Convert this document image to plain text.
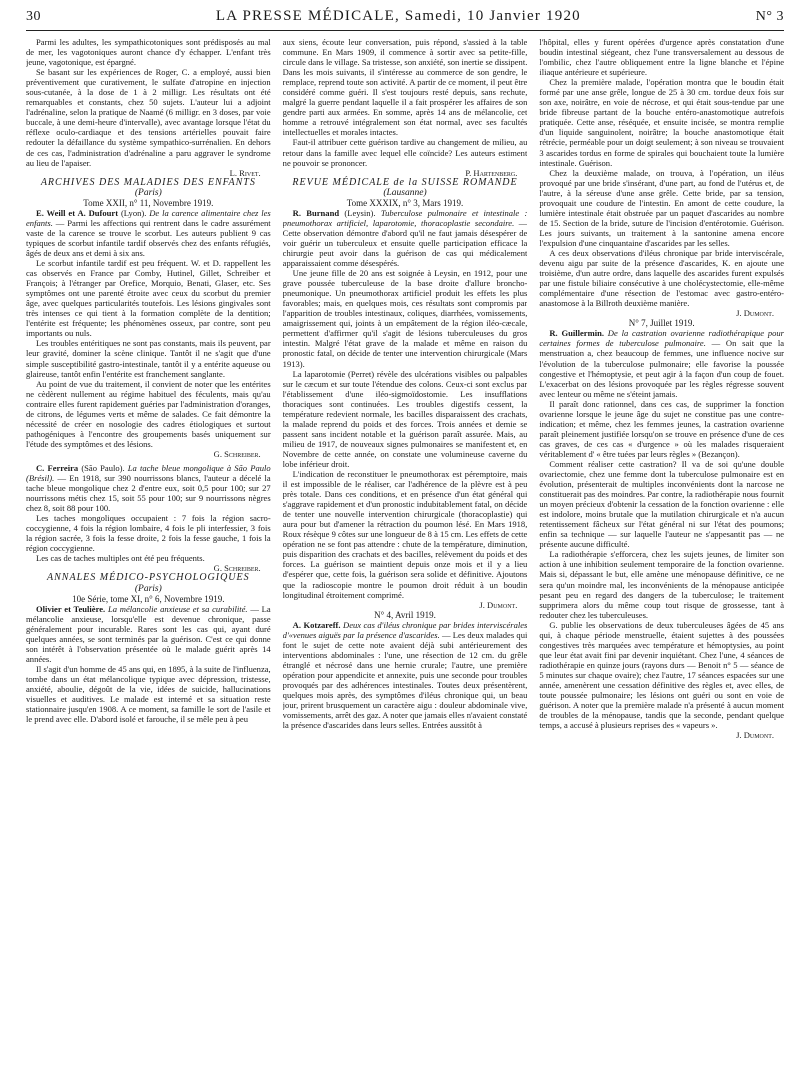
30	LA PRESSE MÉDICALE, Samedi, 10 Janvier 1920	N° 3

Parmi les adultes, les sympathicotoniques sont prédisposés au mal de mer, les vagotoniques auront chance d'y échapper. L'enfant très jeune, vagotonique, est épargné.

Se basant sur les expériences de Roger, C. a employé, aussi bien préventivement que curativement, le sulfate d'atropine en injection sous-cutanée, à la dose de 1 à 2 milligr. Les résultats ont été remarquables et constants, chez 50 sujets. L'auteur lui a adjoint l'adrénaline, selon la pratique de Naamé (6 milligr. en 3 doses, par voie buccale, à une demi-heure d'intervalle), avec avantage lorsque l'état du réflexe oculo-cardiaque et des tensions artérielles pouvait faire redouter la défaillance du système sympathico-surrénalien. En dehors de ces cas, l'administration d'adrénaline a paru aggraver le syndrome au lieu de l'apaiser.

L. Rivet.

ARCHIVES DES MALADIES DES ENFANTS

(Paris)

Tome XXII, n° 11, Novembre 1919.

E. Weill et A. Dufourt (Lyon). De la carence alimentaire chez les enfants. — Parmi les affections qui rentrent dans le cadre assurément vaste de la carence se trouve le scorbut. Les auteurs publient 9 cas typiques de scorbut infantile tardif observés chez des enfants réfugiés, âgés de deux ans et demi à six ans.

Le scorbut infantile tardif est peu fréquent. W. et D. rappellent les cas observés en France par Comby, Hutinel, Gillet, Schreiber et François; à l'étranger par Orefice, Morquio, Benati, Glaser, etc. Ses symptômes ont une parenté étroite avec ceux du scorbut du premier âge, avec quelques particularités toutefois. Les lésions gingivales sont très intenses ce qui tient à la formation complète de la dentition; l'entérite est fréquente; les phénomènes osseux, par contre, sont peu importants ou nuls.

Les troubles entéritiques ne sont pas constants, mais ils peuvent, par leur gravité, dominer la scène clinique. Tantôt il ne s'agit que d'une simple susceptibilité gastro-intestinale, tantôt il y a entérite aqueuse ou glaireuse, tantôt enfin l'entérite est franchement sanglante.

Au point de vue du traitement, il convient de noter que les entérites ne cèdèrent nullement au régime habituel des féculents, mais qu'au contraire elles furent rapidement guéries par l'administration d'oranges, de citrons, de légumes verts et même de salades. Ce fait démontre la nécessité de créer en nosologie des cadres étiologiques et surtout pathogéniques à l'encontre des groupements basés uniquement sur l'étude des symptômes et des lésions.

G. Schreiber.

C. Ferreira (São Paulo). La tache bleue mongolique à São Paulo (Brésil). — En 1918, sur 390 nourrissons blancs, l'auteur a décelé la tache bleue mongolique chez 2 d'entre eux, soit 0,5 pour 100; sur 27 nourrissons métis chez 15, soit 55 pour 100; sur 9 nourrissons nègres chez 8, soit 88 pour 100.

Les taches mongoliques occupaient : 7 fois la région sacro-coccygienne, 4 fois la région lombaire, 4 fois le pli interfessier, 3 fois la région sacrée, 3 fois la fesse droite, 2 fois la fesse gauche, 1 fois la région coccygienne.

Les cas de taches multiples ont été peu fréquents.

G. Schreiber.

ANNALES MÉDICO-PSYCHOLOGIQUES

(Paris)

10e Série, tome XI, n° 6, Novembre 1919.

Olivier et Teulière. La mélancolie anxieuse et sa curabilité. — La mélancolie anxieuse, lorsqu'elle est devenue chronique, passe généralement pour incurable. Rares sont les cas qui, ayant duré quelques années, se sont terminés par la guérison. C'est ce qui donne son intérêt à l'observation présentée où le malade guérit après 14 années.

Il s'agit d'un homme de 45 ans qui, en 1895, à la suite de l'influenza, tombe dans un état mélancolique typique avec dépression, tristesse, anxiété, aboulie, dégoût de la vie, idées de suicide, hallucinations visuelles et auditives. Le malade est interné et sa situation reste stationnaire jusqu'en 1908. A ce moment, sa famille le sort de l'asile et le prend avec elle. D'abord isolé et farouche, il se mêle peu à peu

aux siens, écoute leur conversation, puis répond, s'assied à la table commune. En Mars 1909, il commence à sortir avec sa petite-fille, circule dans le village. Sa tristesse, son anxiété, son inertie se dissipent. Dans les mois suivants, il s'intéresse au commerce de son gendre, le remplace, reprend toute son activité. A partir de ce moment, il peut être considéré comme guéri. Il s'est toujours resté depuis, sans rechute, malgré la guerre pendant laquelle il a fait prospérer les affaires de son gendre parti aux armées. En somme, après 14 ans de mélancolie, cet homme a retrouvé intégralement son état normal, avec ses facultés intellectuelles et morales intactes.

Faut-il attribuer cette guérison tardive au changement de milieu, au retour dans la famille avec lequel elle coïncide? Les auteurs estiment ne pouvoir se prononcer.

P. Hartenberg.

REVUE MÉDICALE de la SUISSE ROMANDE

(Lausanne)

Tome XXXIX, n° 3, Mars 1919.

R. Burnand (Leysin). Tuberculose pulmonaire et intestinale : pneumothorax artificiel, laparotomie, thoracoplastie secondaire. — Cette observation démontre d'abord qu'il ne faut jamais désespérer de voir guérir un tuberculeux et ensuite quelle participation efficace la chirurgie peut avoir dans la guérison de cas qui médicalement apparaissaient comme désespérés.

Une jeune fille de 20 ans est soignée à Leysin, en 1912, pour une grave poussée tuberculeuse de la base droite d'allure broncho-pneumonique. Un pneumothorax artificiel produit les effets les plus favorables; mais, en quelques mois, ces résultats sont compromis par l'apparition de troubles intestinaux, coliques, diarrhées, vomissements, amaigrissement qui, joints à un empâtement de la région iléo-cæcale, permettent d'affirmer qu'il s'agit de lésions tuberculeuses du gros intestin. Malgré l'état grave de la malade et même en raison du pronostic fatal, on décide de tenter une intervention chirurgicale (Mars 1913).

La laparotomie (Perret) révèle des ulcérations visibles ou palpables sur le cæcum et sur toute l'étendue des colons. Ceux-ci sont exclus par l'établissement d'une iléo-sigmoïdostomie. Les insufflations thoraciques sont continuées. Les troubles digestifs cessent, la température redevient normale, les bacilles disparaissent des crachats, la malade reprend du poids et des forces. Trois années et demie se passent sans incident notable et la guérison paraît assurée. Mais, au milieu de 1917, de nouveaux signes pulmonaires se manifestent et, en Novembre de cette année, on constate une volumineuse caverne du lobe inférieur droit.

L'indication de reconstituer le pneumothorax est péremptoire, mais il est impossible de le réaliser, car l'adhérence de la plèvre est à peu près totale. Dans ces conditions, et en présence d'un état général qui s'aggrave rapidement et d'un pronostic indubitablement fatal, on décide de tenter une nouvelle intervention chirurgicale (thoracoplastie) qui aura pour but d'amener la rétraction du poumon lésé. En Mars 1918, Roux résèque 9 côtes sur une longueur de 8 à 15 cm. Les effets de cette opération ne se font pas attendre : chute de la température, diminution, puis disparition des crachats et des bacilles, relèvement du poids et des forces. La guérison se maintient depuis onze mois et il y a lieu d'espérer que, cette fois, la guérison sera solide et définitive. Ajoutons que la radioscopie montre le poumon droit réduit à un boudin longitudinal étroitement comprimé.

J. Dumont.

N° 4, Avril 1919.

A. Kotzareff. Deux cas d'iléus chronique par brides interviscérales d'«venues aiguës par la présence d'ascarides. — Les deux malades qui font le sujet de cette note avaient déjà subi antérieurement des interventions abdominales : l'une, une résection de 12 cm. du grêle étranglé et nécrosé dans une hernie crurale; l'autre, une première opération pour appendicite et annexite, puis une seconde pour troubles provoqués par des adhérences intestinales. Toutes deux présentèrent, quelques mois après, des symptômes d'iléus chronique qui, un beau jour, prirent brusquement un caractère aigu : douleur abdominale vive, vomissements, arrêt des gaz. A noter que jamais elles n'avaient constaté la présence d'ascarides dans leurs selles. Entrées aussitôt à

l'hôpital, elles y furent opérées d'urgence après constatation d'une boudin intestinal siégeant, chez l'une transversalement au dessous de l'ombilic, chez l'autre obliquement entre la ligne blanche et l'épine iliaque antérieure et supérieure.

Chez la première malade, l'opération montra que le boudin était formé par une anse grêle, longue de 25 à 30 cm. tordue deux fois sur son axe, noirâtre, en voie de nécrose, et qui était sous-tendue par une bride fibreuse partant de la bouche entéro-anastomotique autrefois pratiquée. Cette anse, réséquée, et ensuite incisée, se montra remplie d'un liquide sanguinolent, noirâtre; la bouche anastomotique était rétrécie, perméable pour un doigt seulement; à son niveau se trouvaient 3 ascarides tordus en forme de spirales qui bouchaient toute la lumière intestinale. Guérison.

Chez la deuxième malade, on trouva, à l'opération, un iléus provoqué par une bride s'insérant, d'une part, au fond de l'utérus et, de l'autre, à la séreuse d'une anse grêle. Cette bride, par sa tension, provoquait une coudure de l'intestin. En amont de cette coudure, la lumière intestinale était obstruée par un paquet d'ascarides au nombre de 15. Section de la bride, suture de l'incision d'entérotomie. Guérison. Les jours suivants, un traitement à la santonine amena encore l'expulsion d'une cinquantaine d'ascarides par les selles.

A ces deux observations d'iléus chronique par bride interviscérale, devenu aigu par suite de la présence d'ascarides, K. en ajoute une troisième, d'un autre ordre, dans laquelle des ascarides furent expulsés par une fistule biliaire consécutive à une cholécystectomie, elle-même complémentaire d'une résection de l'estomac avec gastro-entéro-anastomose à la Billroth deuxième manière.

J. Dumont.

N° 7, Juillet 1919.

R. Guillermin. De la castration ovarienne radiothérapique pour certaines formes de tuberculose pulmonaire. — On sait que la menstruation a, chez beaucoup de femmes, une influence nocive sur l'évolution de la tuberculose pulmonaire; elle favorise la poussée congestive et l'hémoptysie, et peut agir à la façon d'un coup de fouet. L'exacerbat on des lésions provoquée par les règles régresse souvent avec lenteur ou même ne s'éteint jamais.

Il paraît donc rationnel, dans ces cas, de supprimer la fonction ovarienne lorsque le jeune âge du sujet ne constitue pas une contre-indication; et même, chez les femmes jeunes, la castration ovarienne paraît pleinement justifiée lorsqu'on se trouve en présence d'une de ces cas graves, de ces cas « d'urgence » où les malades risqueraient véritablement d' « être tuées par leurs règles » (Bezançon).

Comment réaliser cette castration? Il va de soi qu'une double ovariectomie, chez une femme dont la tuberculose pulmonaire est en évolution, présenterait de multiples inconvénients dont la narcose ne constituerait pas des moindres. Par contre, la radiothérapie nous fournit un moyen précieux d'obtenir la cessation de la fonction ovarienne : elle est indolore, moins brutale que la mutilation chirurgicale et n'a aucun retentissement fâcheux sur l'état général ni sur l'état des poumons; enfin sa technique — sur laquelle l'auteur ne s'appesantit pas — ne présente aucune difficulté.

La radiothérapie s'efforcera, chez les sujets jeunes, de limiter son action à une inhibition seulement temporaire de la fonction ovarienne. Mais si, dépassant le but, elle amène une ménopause définitive, ce ne sera qu'un moindre mal, les inconvénients de la ménopause anticipée pesant peu en regard des dangers de la tuberculose; le traitement supprimera alors du même coup tout risque de grossesse, tant à redouter chez les tuberculeuses.

G. publie les observations de deux tuberculeuses âgées de 45 ans qui, à chaque période menstruelle, étaient sujettes à des poussées congestives très marquées avec température et hémoptysies, au point que leur état avait fini par devenir inquiétant. Chez l'une, 4 séances de radiothérapie en quinze jours (rayons durs — Benoit n° 5 — séance de 5 minutes sur chaque ovaire); chez l'autre, 17 séances espacées sur une année, amenèrent une cessation définitive des règles et, avec elles, de toute poussée pulmonaire; les lésions ont guéri ou sont en voie de guérison. A noter que la première malade n'a présenté à aucun moment de troubles de la ménopause, tandis que la seconde, pendant quelque temps, a accusé à plusieurs reprises des « vapeurs ».

J. Dumont.
